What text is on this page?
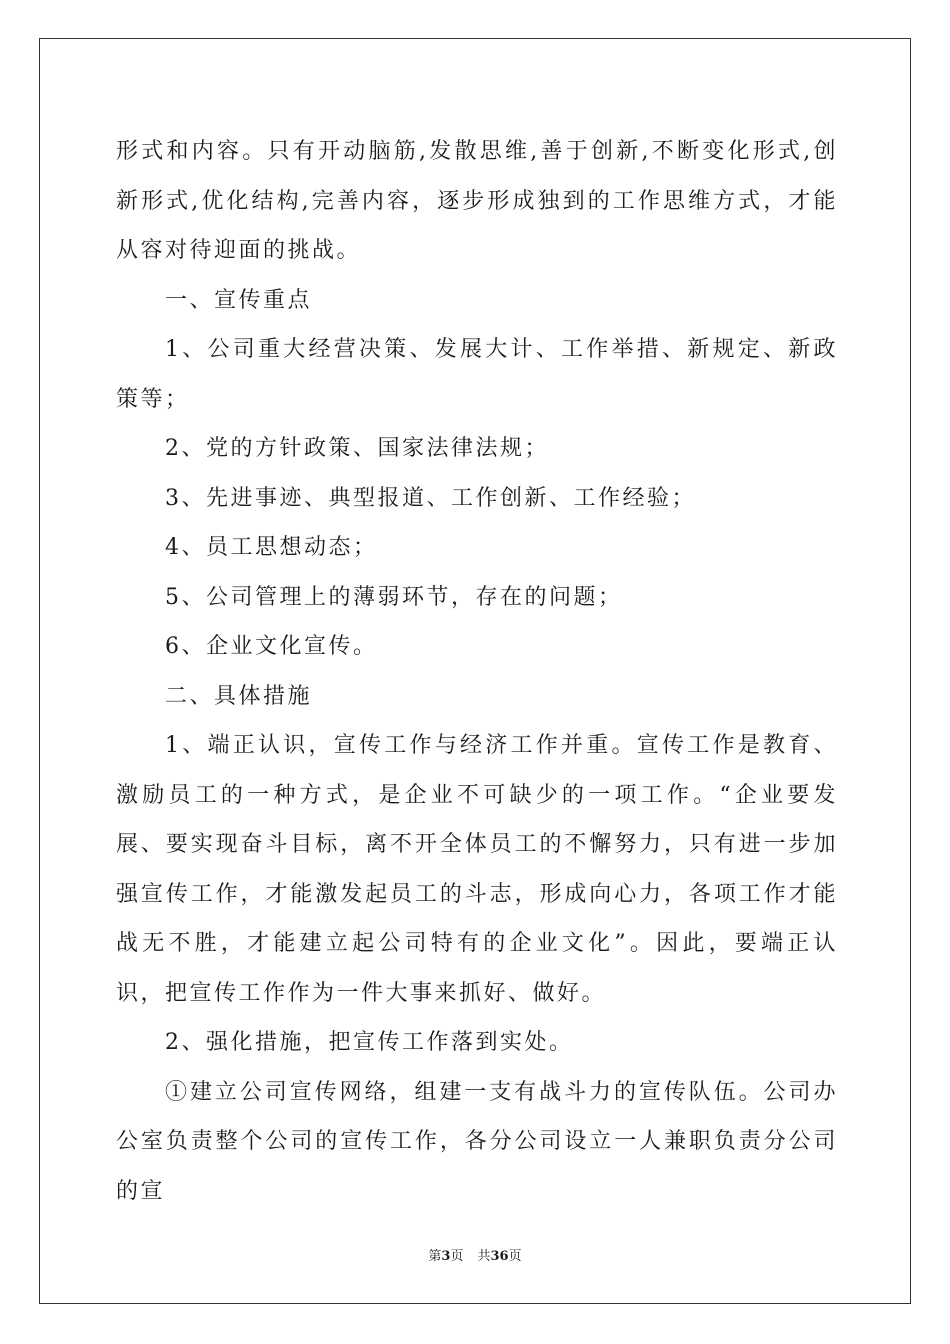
形式和内容。只有开动脑筋,发散思维,善于创新,不断变化形式,创新形式,优化结构,完善内容，逐步形成独到的工作思维方式，才能从容对待迎面的挑战。

一、宣传重点

1、公司重大经营决策、发展大计、工作举措、新规定、新政策等；

2、党的方针政策、国家法律法规；

3、先进事迹、典型报道、工作创新、工作经验；

4、员工思想动态；

5、公司管理上的薄弱环节，存在的问题；

6、企业文化宣传。

二、具体措施

1、端正认识，宣传工作与经济工作并重。宣传工作是教育、激励员工的一种方式，是企业不可缺少的一项工作。“企业要发展、要实现奋斗目标，离不开全体员工的不懈努力，只有进一步加强宣传工作，才能激发起员工的斗志，形成向心力，各项工作才能战无不胜，才能建立起公司特有的企业文化”。因此，要端正认识，把宣传工作作为一件大事来抓好、做好。

2、强化措施，把宣传工作落到实处。

①建立公司宣传网络，组建一支有战斗力的宣传队伍。公司办公室负责整个公司的宣传工作，各分公司设立一人兼职负责分公司的宣

第3页 共36页
